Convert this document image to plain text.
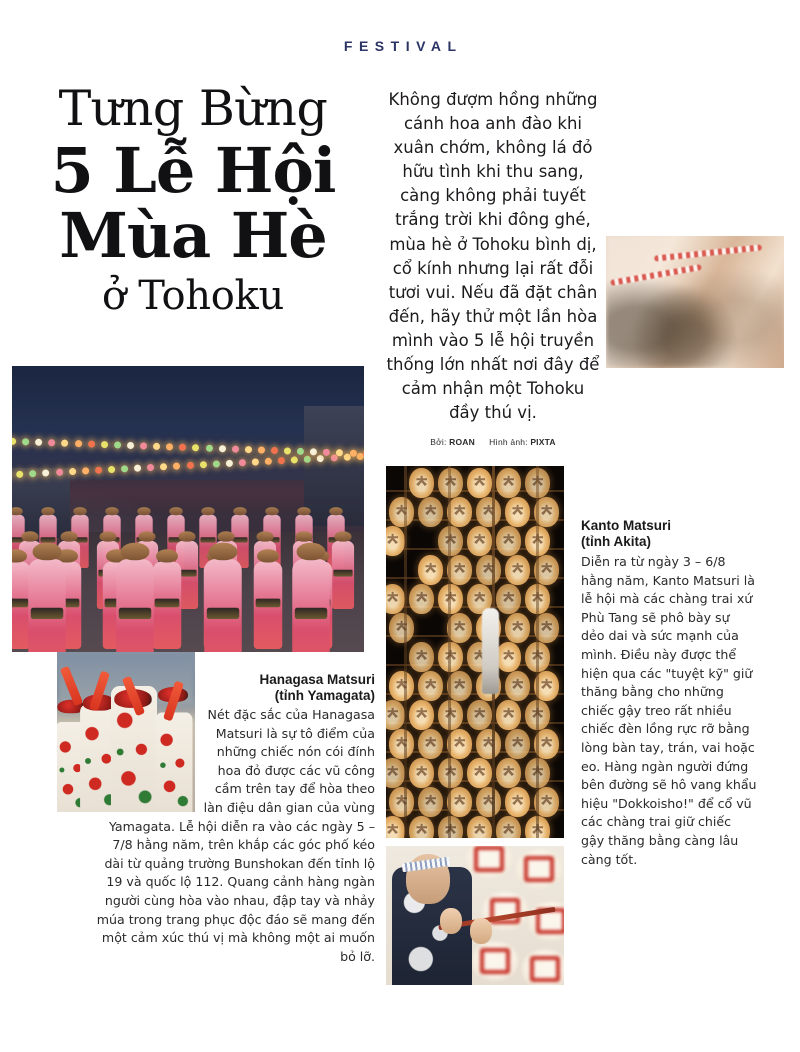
FESTIVAL
Tưng Bừng
5 Lễ Hội
Mùa Hè
ở Tohoku
Không đượm hồng những cánh hoa anh đào khi xuân chớm, không lá đỏ hữu tình khi thu sang, càng không phải tuyết trắng trời khi đông ghé, mùa hè ở Tohoku bình dị, cổ kính nhưng lại rất đỗi tươi vui. Nếu đã đặt chân đến, hãy thử một lần hòa mình vào 5 lễ hội truyền thống lớn nhất nơi đây để cảm nhận một Tohoku đầy thú vị.
Bởi: ROAN Hình ảnh: PIXTA
Hanagasa Matsuri
(tỉnh Yamagata)
Nét đặc sắc của Hanagasa Matsuri là sự tô điểm của những chiếc nón cói đính hoa đỏ được các vũ công cầm trên tay để hòa theo làn điệu dân gian của vùng Yamagata. Lễ hội diễn ra vào các ngày 5 – 7/8 hằng năm, trên khắp các góc phố kéo dài từ quảng trường Bunshokan đến tỉnh lộ 19 và quốc lộ 112. Quang cảnh hàng ngàn người cùng hòa vào nhau, đập tay và nhảy múa trong trang phục độc đáo sẽ mang đến một cảm xúc thú vị mà không một ai muốn bỏ lỡ.
Kanto Matsuri
(tỉnh Akita)
Diễn ra từ ngày 3 – 6/8 hằng năm, Kanto Matsuri là lễ hội mà các chàng trai xứ Phù Tang sẽ phô bày sự dẻo dai và sức mạnh của mình. Điều này được thể hiện qua các "tuyệt kỹ" giữ thăng bằng cho những chiếc gậy treo rất nhiều chiếc đèn lồng rực rỡ bằng lòng bàn tay, trán, vai hoặc eo. Hàng ngàn người đứng bên đường sẽ hô vang khẩu hiệu "Dokkoisho!" để cổ vũ các chàng trai giữ chiếc gậy thăng bằng càng lâu càng tốt.
